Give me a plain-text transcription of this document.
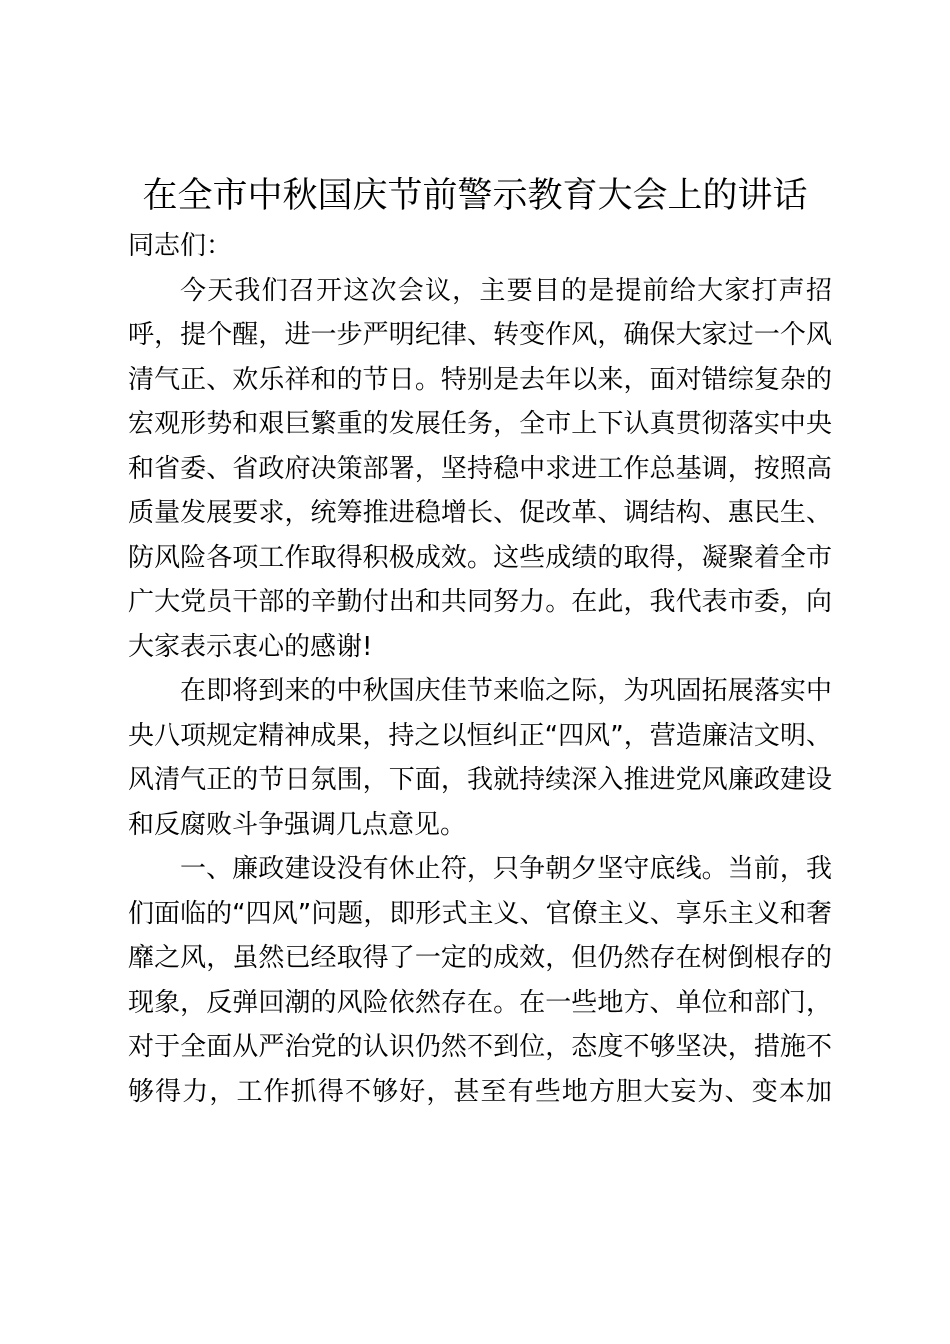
在全市中秋国庆节前警示教育大会上的讲话
同志们：
今天我们召开这次会议，主要目的是提前给大家打声招
呼，提个醒，进一步严明纪律、转变作风，确保大家过一个风
清气正、欢乐祥和的节日。特别是去年以来，面对错综复杂的
宏观形势和艰巨繁重的发展任务，全市上下认真贯彻落实中央
和省委、省政府决策部署，坚持稳中求进工作总基调，按照高
质量发展要求，统筹推进稳增长、促改革、调结构、惠民生、
防风险各项工作取得积极成效。这些成绩的取得，凝聚着全市
广大党员干部的辛勤付出和共同努力。在此，我代表市委，向
大家表示衷心的感谢!
在即将到来的中秋国庆佳节来临之际，为巩固拓展落实中
央八项规定精神成果，持之以恒纠正“四风”，营造廉洁文明、
风清气正的节日氛围，下面，我就持续深入推进党风廉政建设
和反腐败斗争强调几点意见。
一、廉政建设没有休止符，只争朝夕坚守底线。当前，我
们面临的“四风”问题，即形式主义、官僚主义、享乐主义和奢
靡之风，虽然已经取得了一定的成效，但仍然存在树倒根存的
现象，反弹回潮的风险依然存在。在一些地方、单位和部门，
对于全面从严治党的认识仍然不到位，态度不够坚决，措施不
够得力，工作抓得不够好，甚至有些地方胆大妄为、变本加
